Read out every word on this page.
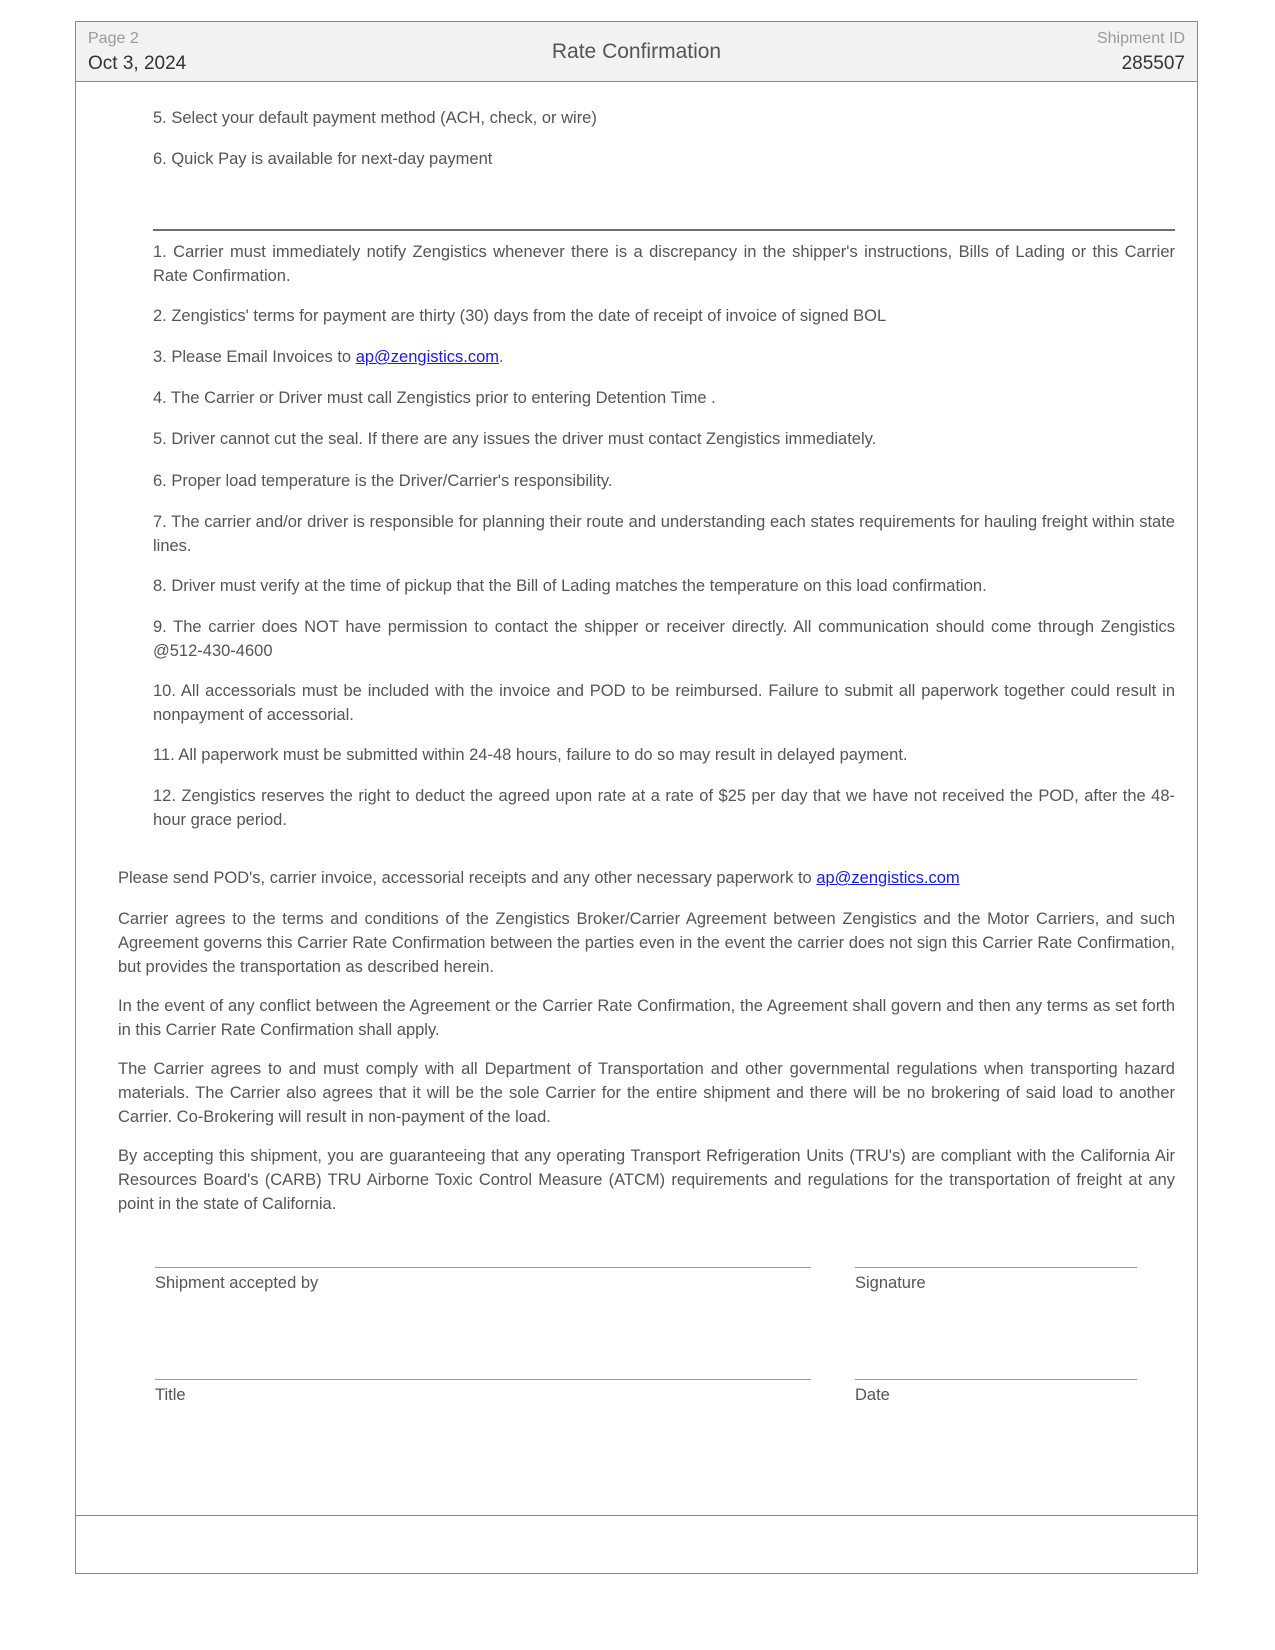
Page 2
Oct 3, 2024
Rate Confirmation
Shipment ID
285507
5. Select your default payment method (ACH, check, or wire)
6. Quick Pay is available for next-day payment
1. Carrier must immediately notify Zengistics whenever there is a discrepancy in the shipper's instructions, Bills of Lading or this Carrier Rate Confirmation.
2. Zengistics' terms for payment are thirty (30) days from the date of receipt of invoice of signed BOL
3. Please Email Invoices to ap@zengistics.com.
4. The Carrier or Driver must call Zengistics prior to entering Detention Time .
5. Driver cannot cut the seal. If there are any issues the driver must contact Zengistics immediately.
6. Proper load temperature is the Driver/Carrier's responsibility.
7. The carrier and/or driver is responsible for planning their route and understanding each states requirements for hauling freight within state lines.
8. Driver must verify at the time of pickup that the Bill of Lading matches the temperature on this load confirmation.
9. The carrier does NOT have permission to contact the shipper or receiver directly. All communication should come through Zengistics @512-430-4600
10. All accessorials must be included with the invoice and POD to be reimbursed. Failure to submit all paperwork together could result in nonpayment of accessorial.
11. All paperwork must be submitted within 24-48 hours, failure to do so may result in delayed payment.
12. Zengistics reserves the right to deduct the agreed upon rate at a rate of $25 per day that we have not received the POD, after the 48-hour grace period.
Please send POD's, carrier invoice, accessorial receipts and any other necessary paperwork to ap@zengistics.com
Carrier agrees to the terms and conditions of the Zengistics Broker/Carrier Agreement between Zengistics and the Motor Carriers, and such Agreement governs this Carrier Rate Confirmation between the parties even in the event the carrier does not sign this Carrier Rate Confirmation, but provides the transportation as described herein.
In the event of any conflict between the Agreement or the Carrier Rate Confirmation, the Agreement shall govern and then any terms as set forth in this Carrier Rate Confirmation shall apply.
The Carrier agrees to and must comply with all Department of Transportation and other governmental regulations when transporting hazard materials. The Carrier also agrees that it will be the sole Carrier for the entire shipment and there will be no brokering of said load to another Carrier. Co-Brokering will result in non-payment of the load.
By accepting this shipment, you are guaranteeing that any operating Transport Refrigeration Units (TRU's) are compliant with the California Air Resources Board's (CARB) TRU Airborne Toxic Control Measure (ATCM) requirements and regulations for the transportation of freight at any point in the state of California.
Shipment accepted by	Signature
Title	Date
